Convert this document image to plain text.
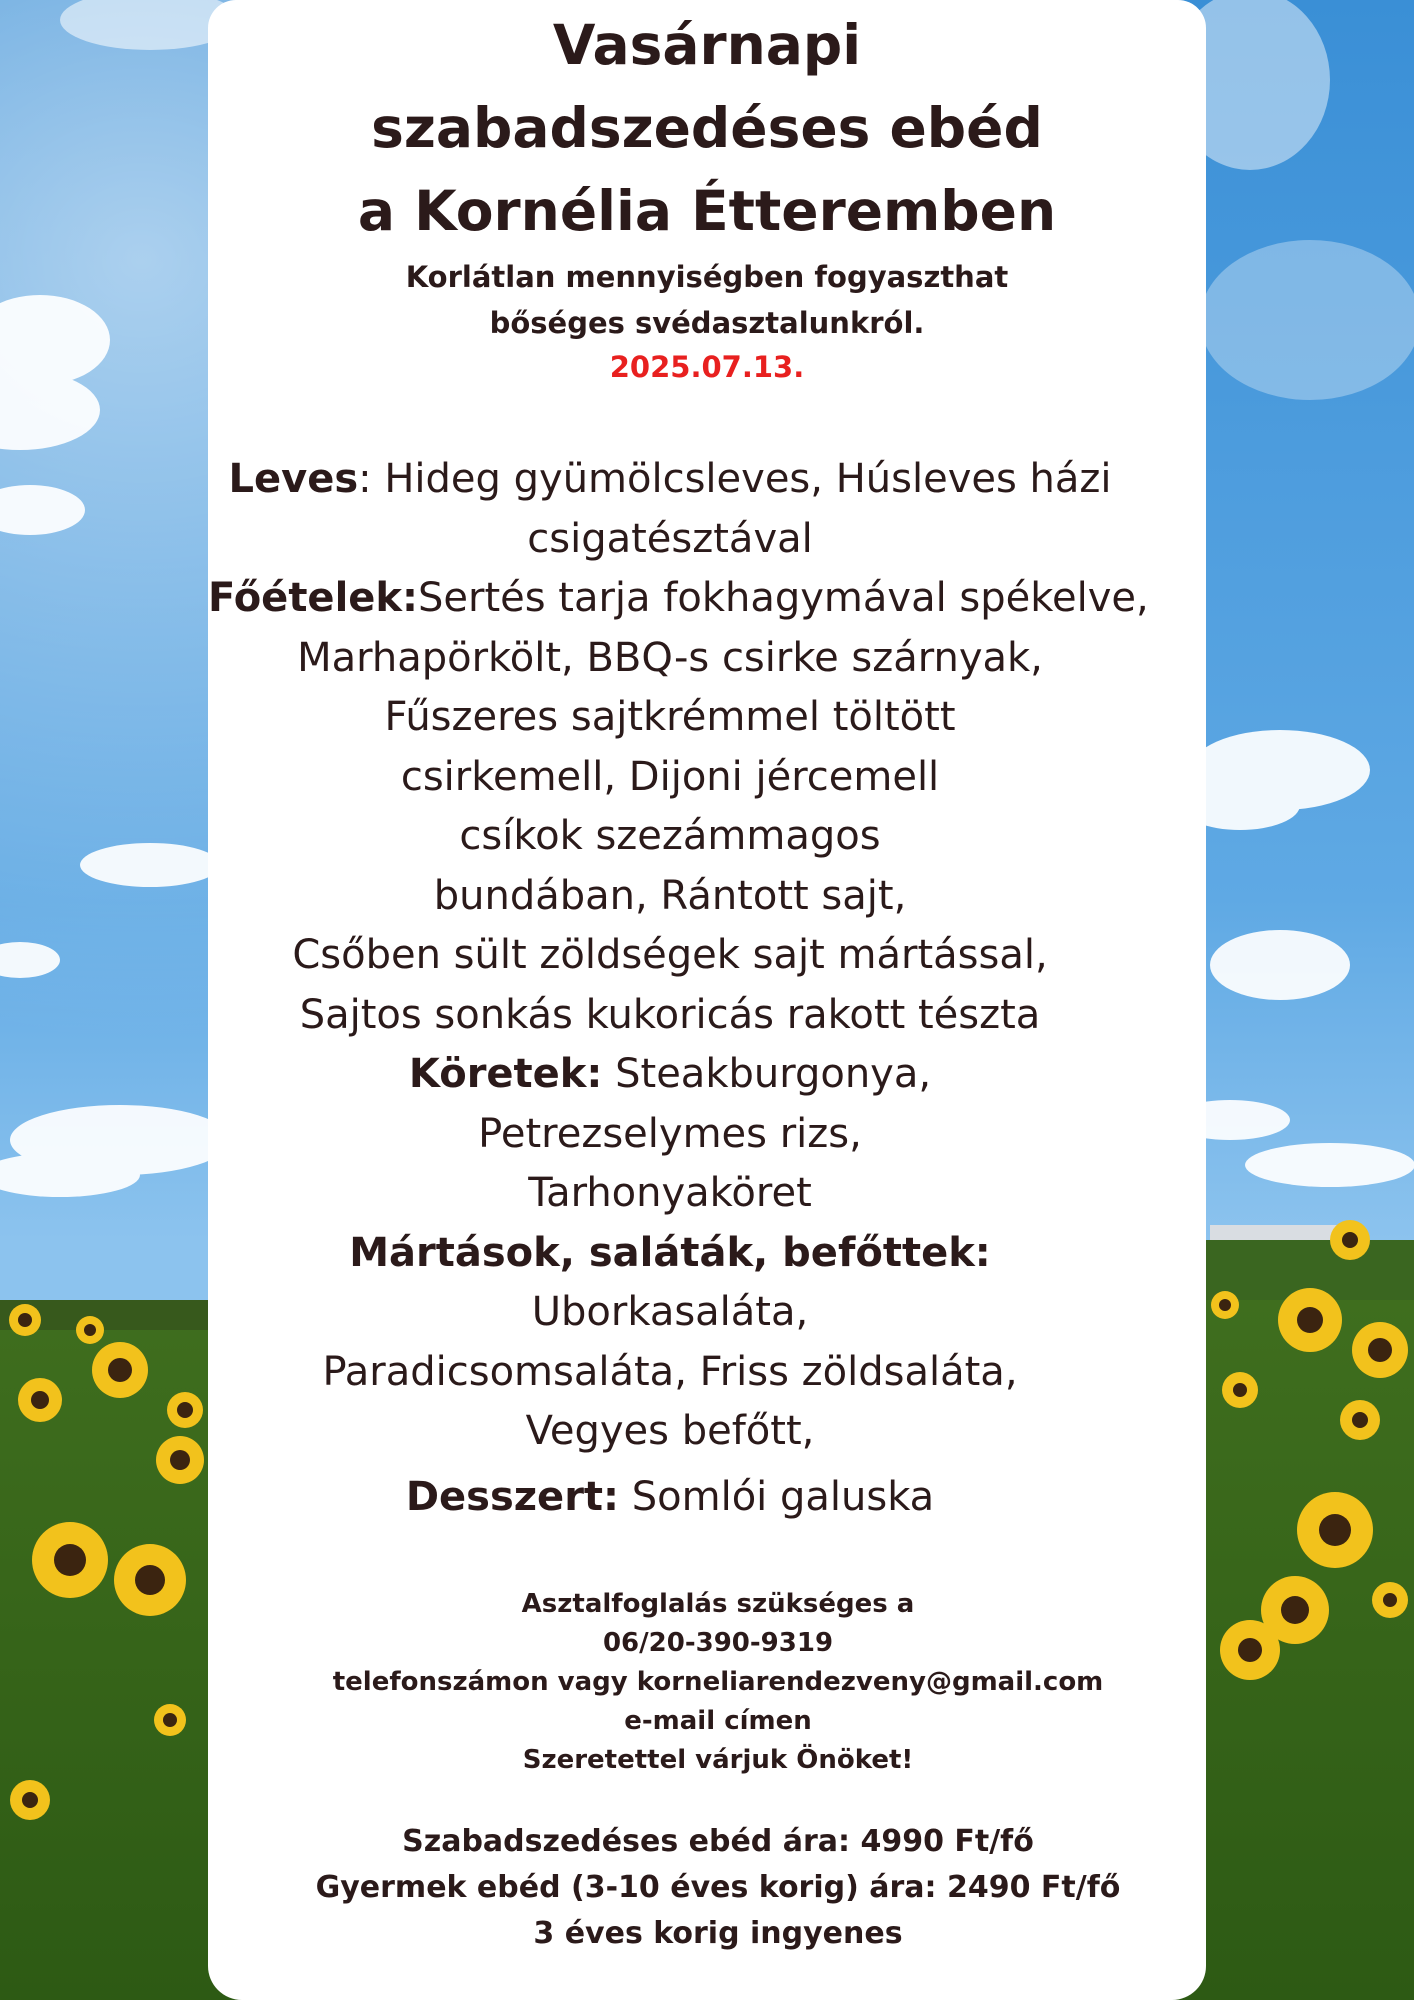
Vasárnapi
szabadszedéses ebéd
a Kornélia Étteremben
Korlátlan mennyiségben fogyaszthat
bőséges svédasztalunkról.
2025.07.13.
Leves: Hideg gyümölcsleves, Húsleves házi
csigatésztával
Főételek:Sertés tarja fokhagymával spékelve,
Marhapörkölt, BBQ-s csirke szárnyak,
Fűszeres sajtkrémmel töltött
csirkemell, Dijoni jércemell
csíkok szezámmagos
bundában, Rántott sajt,
Csőben sült zöldségek sajt mártással,
Sajtos sonkás kukoricás rakott tészta
Köretek: Steakburgonya,
Petrezselymes rizs,
Tarhonyaköret
Mártások, saláták, befőttek:
Uborkasaláta,
Paradicsomsaláta, Friss zöldsaláta,
Vegyes befőtt,
Desszert: Somlói galuska
Asztalfoglalás szükséges a
06/20-390-9319
telefonszámon vagy korneliarendezveny@gmail.com
e-mail címen
Szeretettel várjuk Önöket!
Szabadszedéses ebéd ára: 4990 Ft/fő
Gyermek ebéd (3-10 éves korig) ára: 2490 Ft/fő
3 éves korig ingyenes
